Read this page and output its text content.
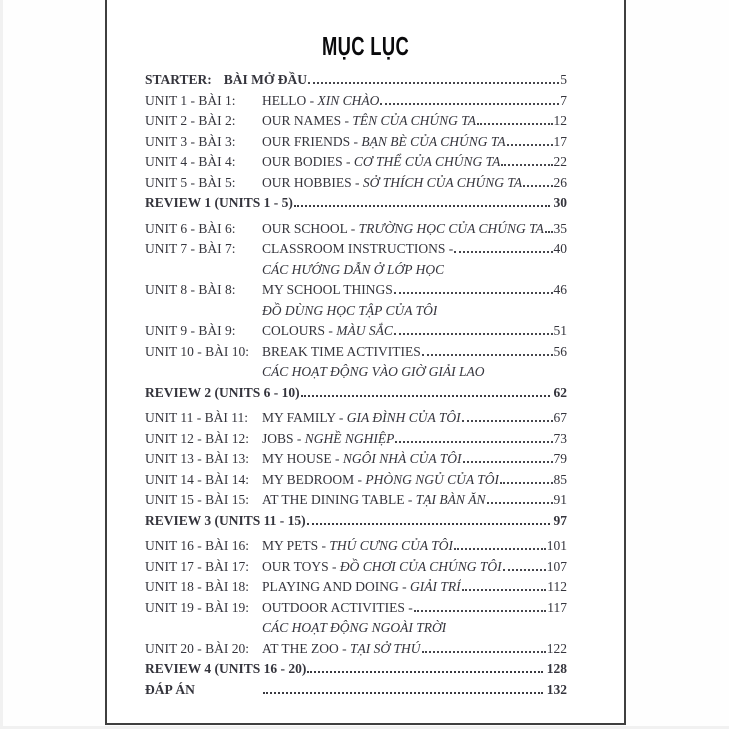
MỤC LỤC
STARTER: BÀI MỞ ĐẦU	5
UNIT 1 - BÀI 1:	HELLO - XIN CHÀO	7
UNIT 2 - BÀI 2:	OUR NAMES - TÊN CỦA CHÚNG TA	12
UNIT 3 - BÀI 3:	OUR FRIENDS - BẠN BÈ CỦA CHÚNG TA	17
UNIT 4 - BÀI 4:	OUR BODIES - CƠ THỂ CỦA CHÚNG TA	22
UNIT 5 - BÀI 5:	OUR HOBBIES - SỞ THÍCH CỦA CHÚNG TA 26
REVIEW 1 (UNITS 1 - 5)	30
UNIT 6 - BÀI 6:	OUR SCHOOL - TRƯỜNG HỌC CỦA CHÚNG TA 35
UNIT 7 - BÀI 7:	CLASSROOM INSTRUCTIONS -	40
CÁC HƯỚNG DẪN Ở LỚP HỌC
UNIT 8 - BÀI 8:	MY SCHOOL THINGS	46
ĐỒ DÙNG HỌC TẬP CỦA TÔI
UNIT 9 - BÀI 9:	COLOURS - MÀU SẮC	51
UNIT 10 - BÀI 10: BREAK TIME ACTIVITIES	56
CÁC HOẠT ĐỘNG VÀO GIỜ GIẢI LAO
REVIEW 2 (UNITS 6 - 10)	62
UNIT 11 - BÀI 11:	MY FAMILY - GIA ĐÌNH CỦA TÔI	67
UNIT 12 - BÀI 12: JOBS - NGHỀ NGHIỆP	73
UNIT 13 - BÀI 13: MY HOUSE - NGÔI NHÀ CỦA TÔI	79
UNIT 14 - BÀI 14: MY BEDROOM - PHÒNG NGỦ CỦA TÔI	85
UNIT 15 - BÀI 15: AT THE DINING TABLE - TẠI BÀN ĂN	91
REVIEW 3 (UNITS 11 - 15)	97
UNIT 16 - BÀI 16: MY PETS - THÚ CƯNG CỦA TÔI	101
UNIT 17 - BÀI 17: OUR TOYS - ĐỒ CHƠI CỦA CHÚNG TÔI	107
UNIT 18 - BÀI 18: PLAYING AND DOING - GIẢI TRÍ	112
UNIT 19 - BÀI 19: OUTDOOR ACTIVITIES -	117
CÁC HOẠT ĐỘNG NGOÀI TRỜI
UNIT 20 - BÀI 20: AT THE ZOO - TẠI SỞ THÚ	122
REVIEW 4 (UNITS 16 - 20)	128
ĐÁP ÁN	132
